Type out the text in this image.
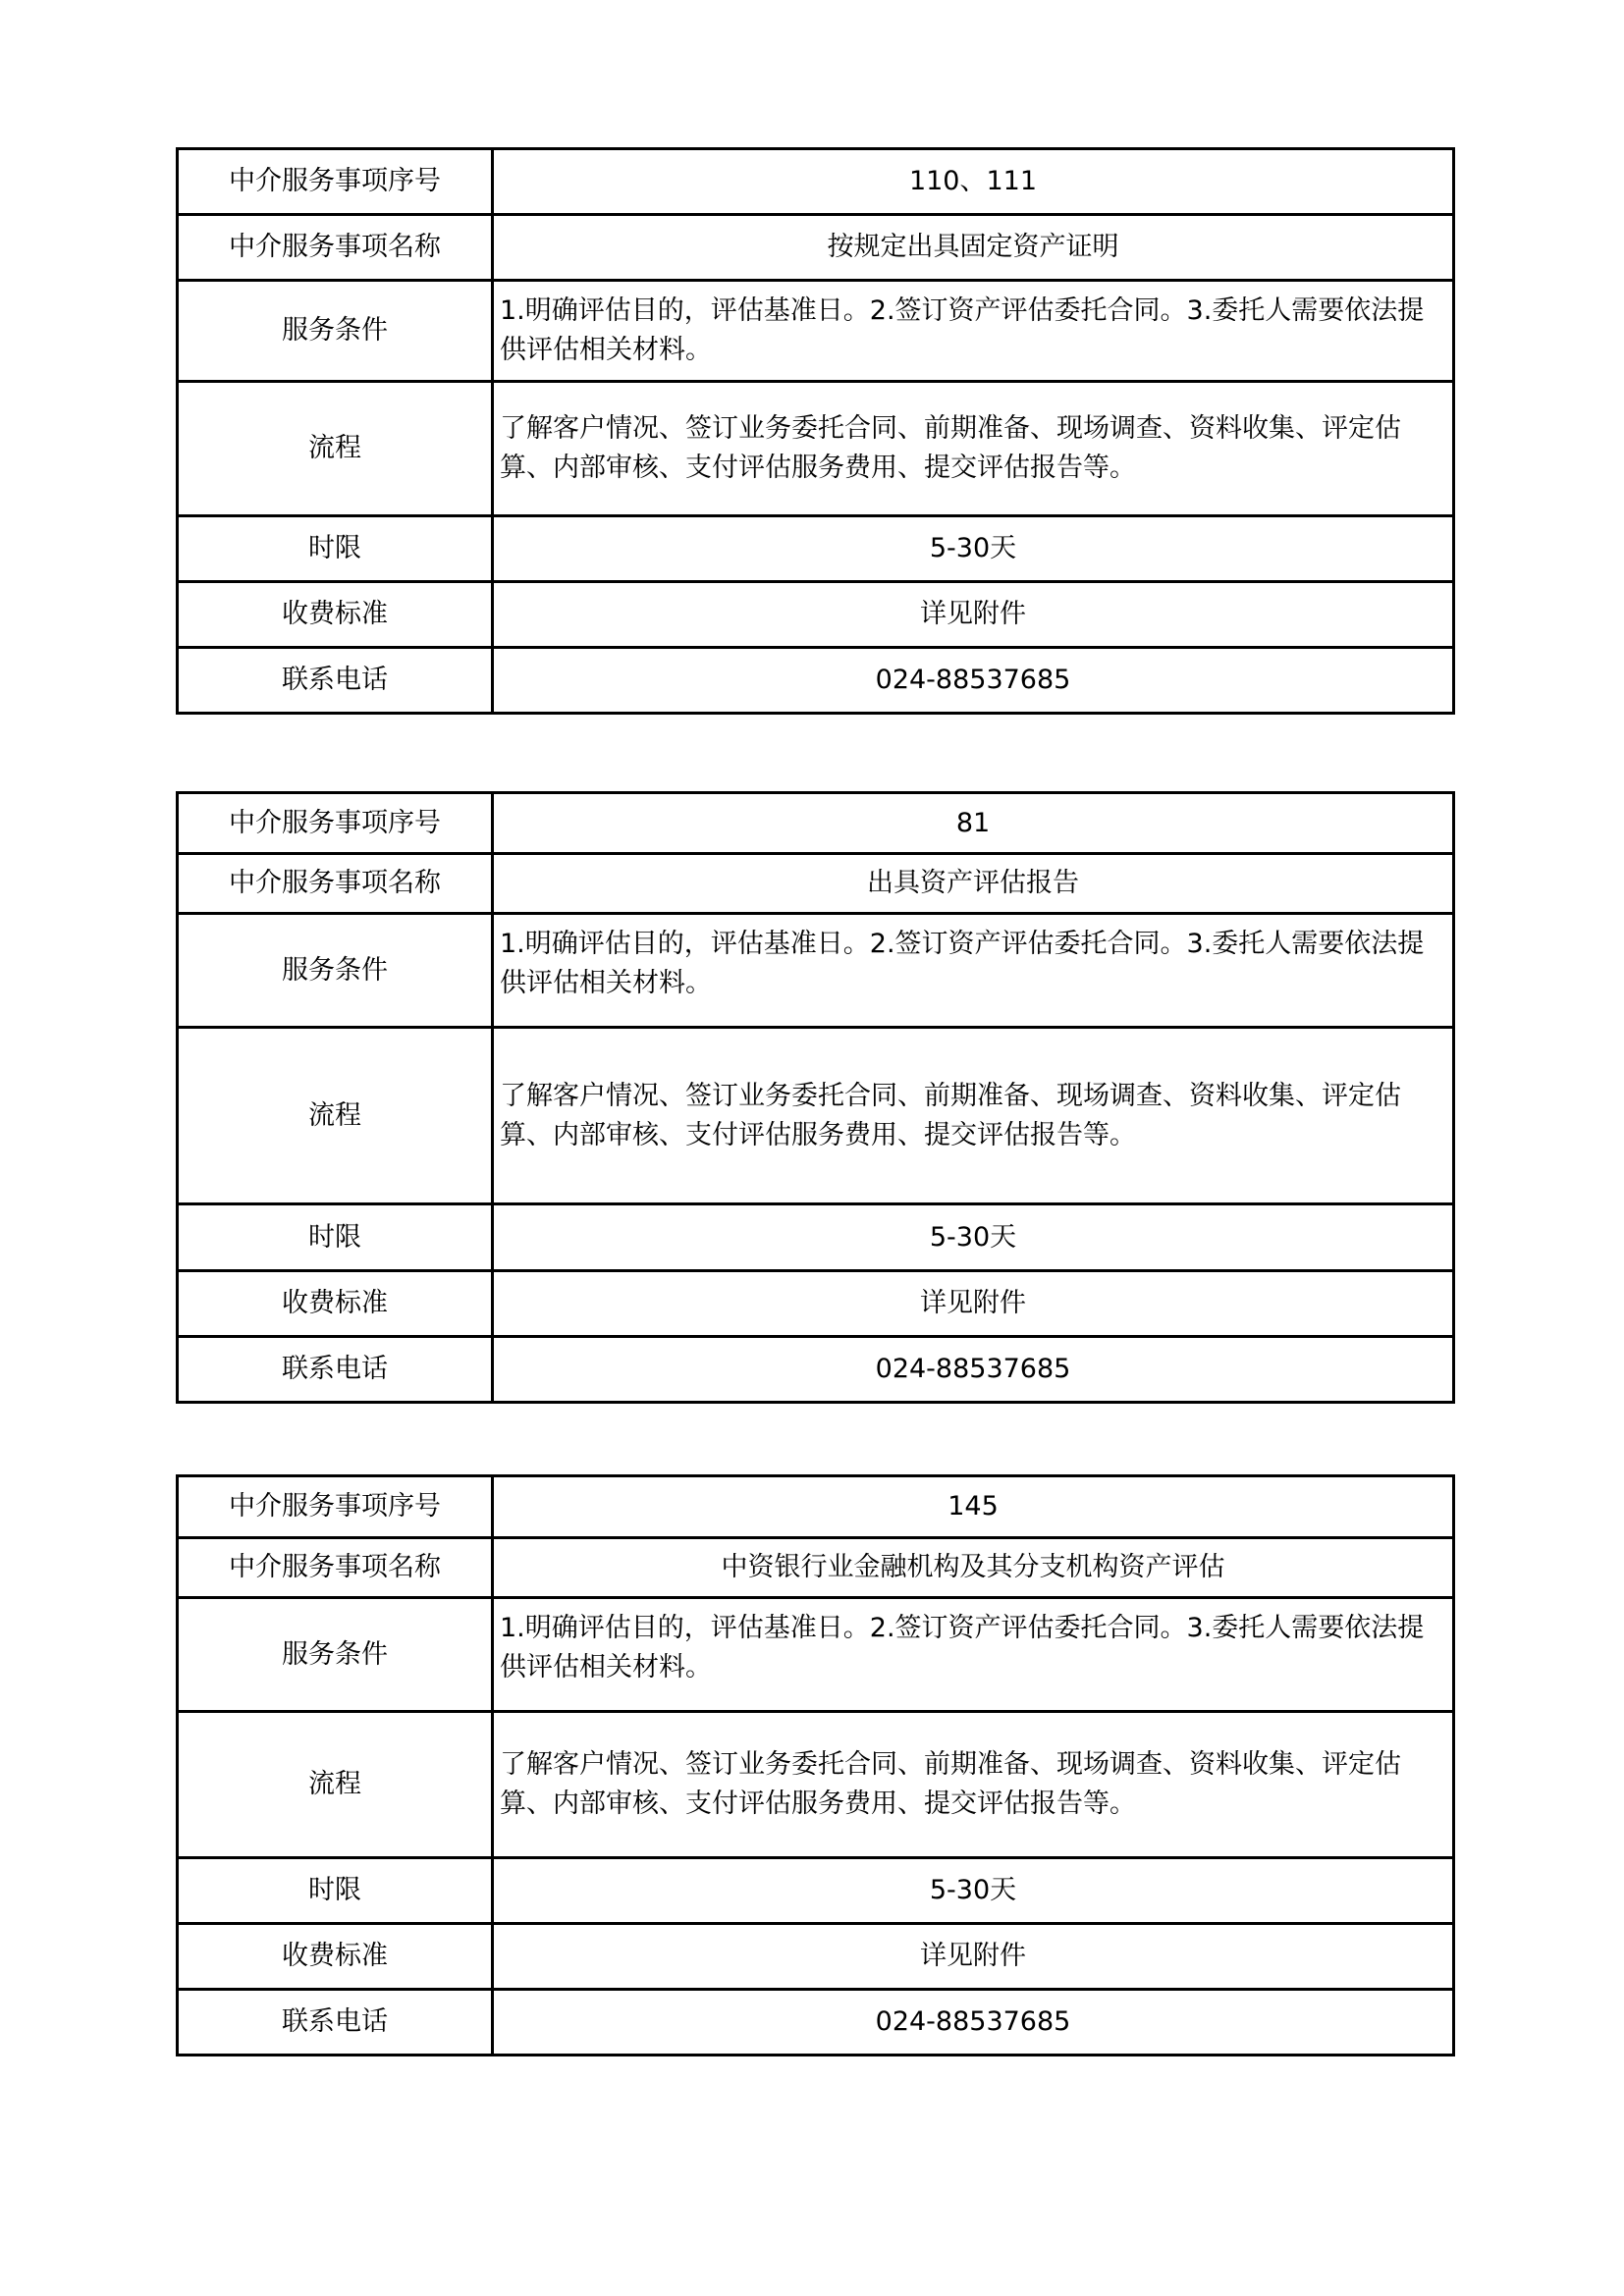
中介服务事项序号	110、111
中介服务事项名称	按规定出具固定资产证明
服务条件	1.明确评估目的，评估基准日。2.签订资产评估委托合同。3.委托人需要依法提供评估相关材料。
流程	了解客户情况、签订业务委托合同、前期准备、现场调查、资料收集、评定估算、内部审核、支付评估服务费用、提交评估报告等。
时限	5-30天
收费标准	详见附件
联系电话	024-88537685
中介服务事项序号	81
中介服务事项名称	出具资产评估报告
服务条件	1.明确评估目的，评估基准日。2.签订资产评估委托合同。3.委托人需要依法提供评估相关材料。
流程	了解客户情况、签订业务委托合同、前期准备、现场调查、资料收集、评定估算、内部审核、支付评估服务费用、提交评估报告等。
时限	5-30天
收费标准	详见附件
联系电话	024-88537685
中介服务事项序号	145
中介服务事项名称	中资银行业金融机构及其分支机构资产评估
服务条件	1.明确评估目的，评估基准日。2.签订资产评估委托合同。3.委托人需要依法提供评估相关材料。
流程	了解客户情况、签订业务委托合同、前期准备、现场调查、资料收集、评定估算、内部审核、支付评估服务费用、提交评估报告等。
时限	5-30天
收费标准	详见附件
联系电话	024-88537685
